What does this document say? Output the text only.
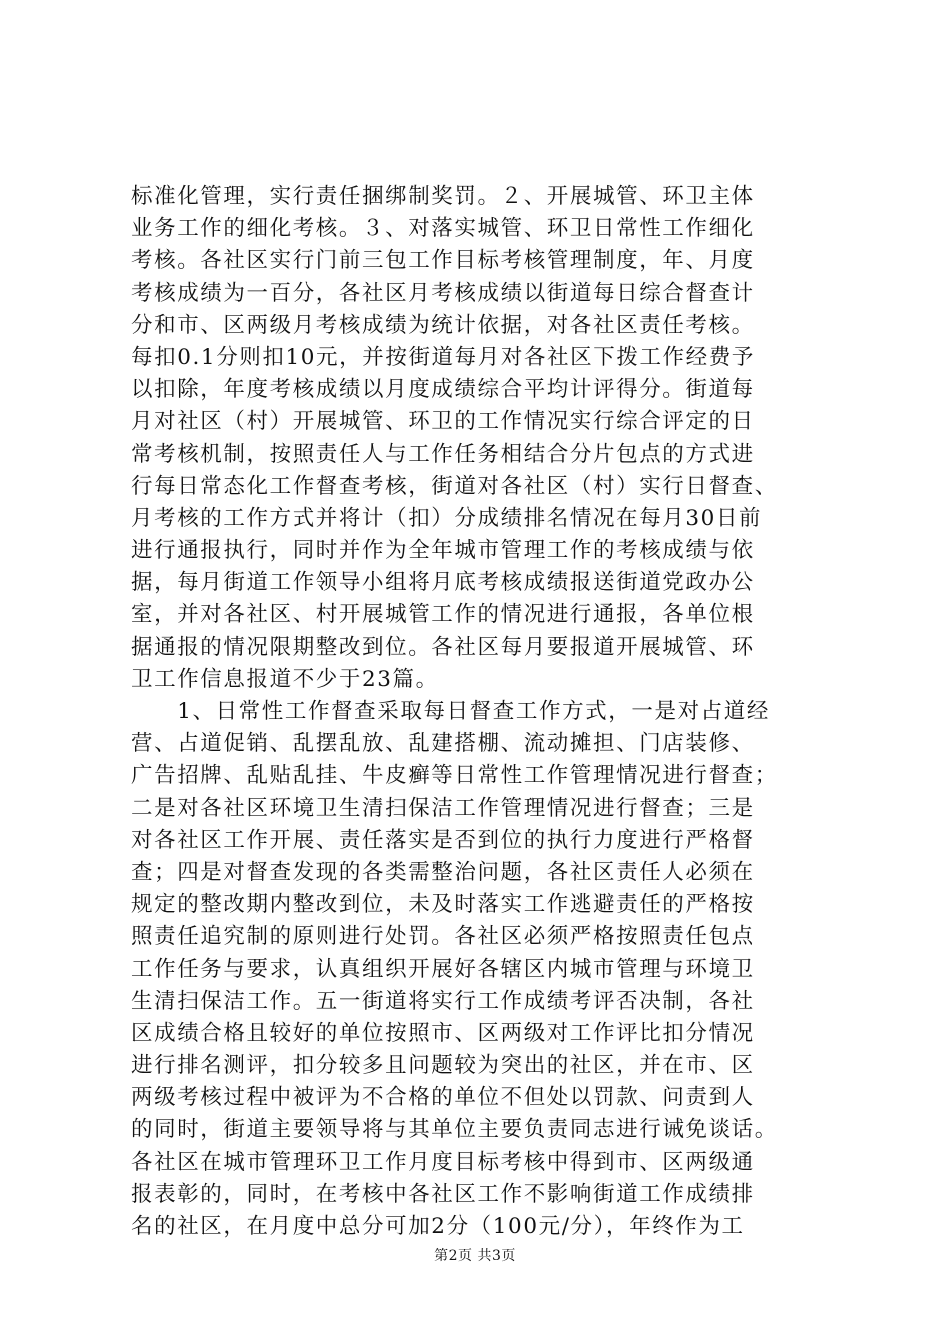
标准化管理，实行责任捆绑制奖罚。２、开展城管、环卫主体
业务工作的细化考核。３、对落实城管、环卫日常性工作细化
考核。各社区实行门前三包工作目标考核管理制度，年、月度
考核成绩为一百分，各社区月考核成绩以街道每日综合督查计
分和市、区两级月考核成绩为统计依据，对各社区责任考核。
每扣0.1分则扣10元，并按街道每月对各社区下拨工作经费予
以扣除，年度考核成绩以月度成绩综合平均计评得分。街道每
月对社区（村）开展城管、环卫的工作情况实行综合评定的日
常考核机制，按照责任人与工作任务相结合分片包点的方式进
行每日常态化工作督查考核，街道对各社区（村）实行日督查、
月考核的工作方式并将计（扣）分成绩排名情况在每月30日前
进行通报执行，同时并作为全年城市管理工作的考核成绩与依
据，每月街道工作领导小组将月底考核成绩报送街道党政办公
室，并对各社区、村开展城管工作的情况进行通报，各单位根
据通报的情况限期整改到位。各社区每月要报道开展城管、环
卫工作信息报道不少于23篇。
　　1、日常性工作督查采取每日督查工作方式，一是对占道经
营、占道促销、乱摆乱放、乱建搭棚、流动摊担、门店装修、
广告招牌、乱贴乱挂、牛皮癣等日常性工作管理情况进行督查；
二是对各社区环境卫生清扫保洁工作管理情况进行督查；三是
对各社区工作开展、责任落实是否到位的执行力度进行严格督
查；四是对督查发现的各类需整治问题，各社区责任人必须在
规定的整改期内整改到位，未及时落实工作逃避责任的严格按
照责任追究制的原则进行处罚。各社区必须严格按照责任包点
工作任务与要求，认真组织开展好各辖区内城市管理与环境卫
生清扫保洁工作。五一街道将实行工作成绩考评否决制，各社
区成绩合格且较好的单位按照市、区两级对工作评比扣分情况
进行排名测评，扣分较多且问题较为突出的社区，并在市、区
两级考核过程中被评为不合格的单位不但处以罚款、问责到人
的同时，街道主要领导将与其单位主要负责同志进行诫免谈话。
各社区在城市管理环卫工作月度目标考核中得到市、区两级通
报表彰的，同时，在考核中各社区工作不影响街道工作成绩排
名的社区，在月度中总分可加2分（100元/分），年终作为工
第2页 共3页
